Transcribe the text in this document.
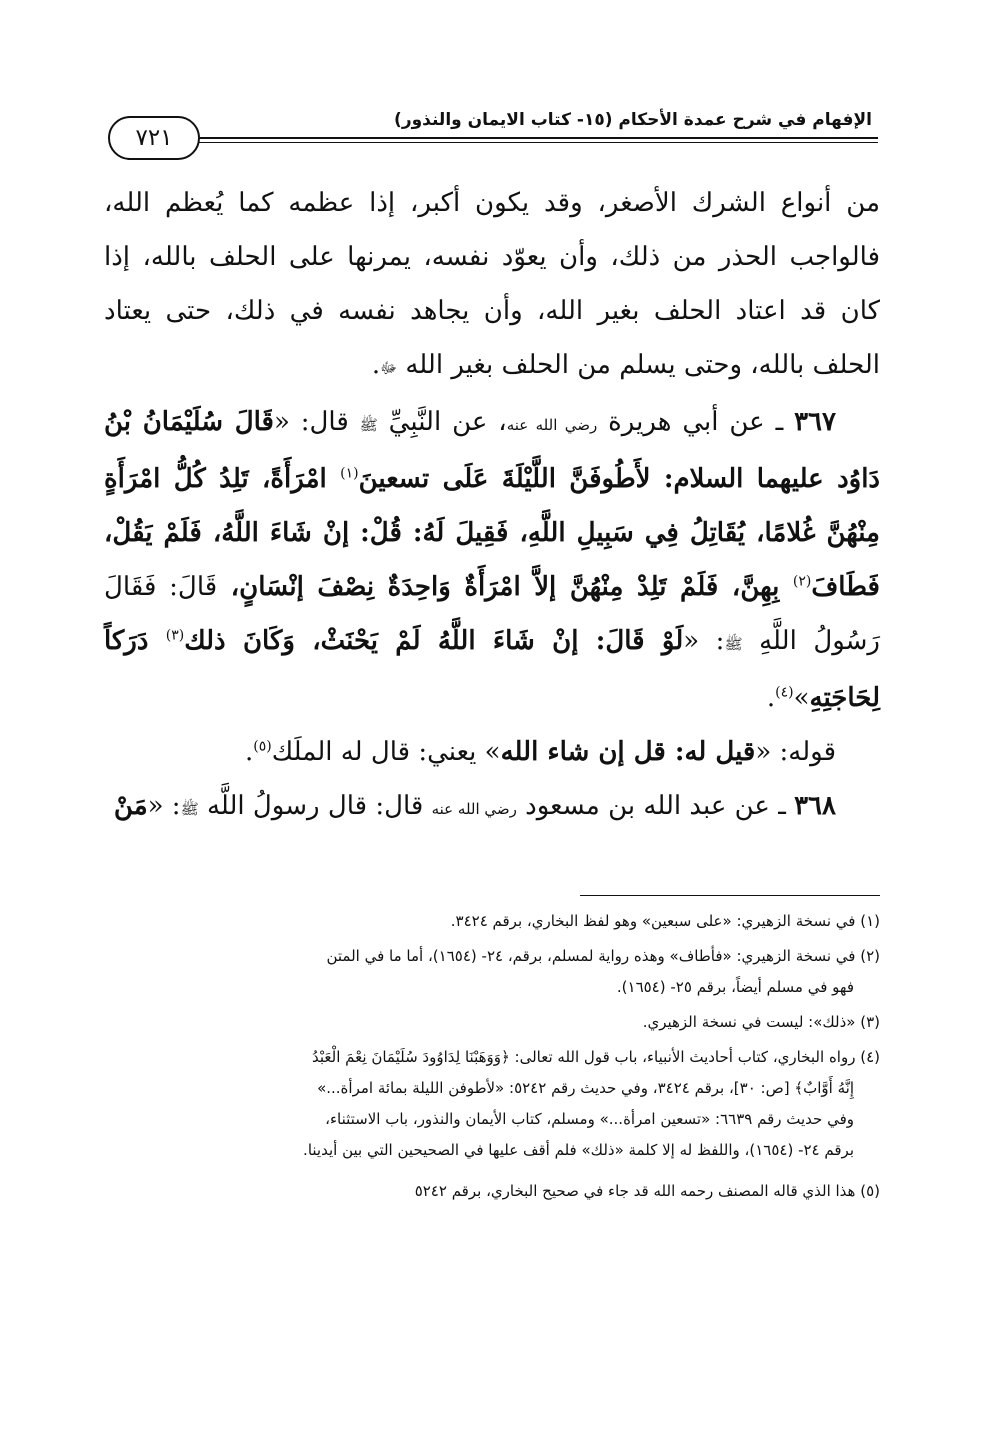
الإفهام في شرح عمدة الأحكام (١٥- كتاب الايمان والنذور)
٧٢١

من أنواع الشرك الأصغر، وقد يكون أكبر، إذا عظمه كما يُعظم الله، فالواجب الحذر من ذلك، وأن يعوّد نفسه، يمرنها على الحلف بالله، إذا كان قد اعتاد الحلف بغير الله، وأن يجاهد نفسه في ذلك، حتى يعتاد الحلف بالله، وحتى يسلم من الحلف بغير الله ﷻ.

٣٦٧ ـ عن أبي هريرة رضي الله عنه، عن النَّبِيِّ ﷺ قال: «قَالَ سُلَيْمَانُ بْنُ دَاوُد عليهما السلام: لأَطُوفَنَّ اللَّيْلَةَ عَلَى تسعينَ$^{(١)}$ امْرَأَةً، تَلِدُ كُلُّ امْرَأَةٍ مِنْهُنَّ غُلامًا، يُقَاتِلُ فِي سَبِيلِ اللَّهِ، فَقِيلَ لَهُ: قُلْ: إنْ شَاءَ اللَّهُ، فَلَمْ يَقُلْ، فَطَافَ$^{(٢)}$ بِهِنَّ، فَلَمْ تَلِدْ مِنْهُنَّ إلاَّ امْرَأَةٌ وَاحِدَةٌ نِصْفَ إنْسَانٍ، قَالَ: فَقَالَ رَسُولُ اللَّهِ ﷺ: «لَوْ قَالَ: إنْ شَاءَ اللَّهُ لَمْ يَحْنَثْ، وَكَانَ ذلك$^{(٣)}$ دَرَكاً لِحَاجَتِهِ»$^{(٤)}$.

قوله: «قيل له: قل إن شاء الله» يعني: قال له الملَك$^{(٥)}$.

٣٦٨ ـ عن عبد الله بن مسعود رضي الله عنه قال: قال رسولُ اللَّه ﷺ: «مَنْ

(١) في نسخة الزهيري: «على سبعين» وهو لفظ البخاري، برقم ٣٤٢٤.

(٢) في نسخة الزهيري: «فأطاف» وهذه رواية لمسلم، برقم، ٢٤- (١٦٥٤)، أما ما في المتن
فهو في مسلم أيضاً، برقم ٢٥- (١٦٥٤).

(٣) «ذلك»: ليست في نسخة الزهيري.

(٤) رواه البخاري، كتاب أحاديث الأنبياء، باب قول الله تعالى: ﴿وَوَهَبْنَا لِدَاوُودَ سُلَيْمَانَ نِعْمَ الْعَبْدُ
إِنَّهُ أَوَّابٌ﴾ [ص: ٣٠]، برقم ٣٤٢٤، وفي حديث رقم ٥٢٤٢: «لأطوفن الليلة بمائة امرأة...»
وفي حديث رقم ٦٦٣٩: «تسعين امرأة...» ومسلم، كتاب الأيمان والنذور، باب الاستثناء،
برقم ٢٤- (١٦٥٤)، واللفظ له إلا كلمة «ذلك» فلم أقف عليها في الصحيحين التي بين أيدينا.

(٥) هذا الذي قاله المصنف رحمه الله قد جاء في صحيح البخاري، برقم ٥٢٤٢
